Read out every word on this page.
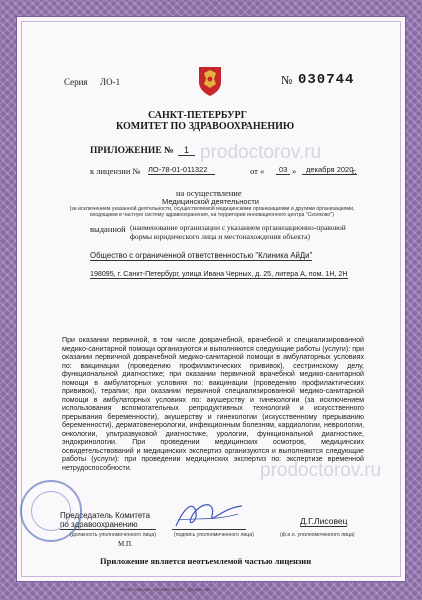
prodoctorov.ru
prodoctorov.ru
Серия ЛО-1	№ 030744
САНКТ-ПЕТЕРБУРГ
КОМИТЕТ ПО ЗДРАВООХРАНЕНИЮ
ПРИЛОЖЕНИЕ №	1
к лицензии № ЛО-78-01-011322	от «	03 »	декабря 2020
г.
на осуществление
Медицинской деятельности
(за исключением указанной деятельности, осуществляемой медицинскими организациями и другими организациями, входящими в частную систему здравоохранения, на территории инновационного центра "Сколково")
выданной (наименование организации с указанием организационно-правовой формы юридического лица и местонахождения объекта)
Общество с ограниченной ответственностью "Клиника АйДи"
198095, г. Санкт-Петербург, улица Ивана Черных, д. 25, литера А, пом. 1Н, 2Н
При оказании первичной, в том числе доврачебной, врачебной и специализированной медико-санитарной помощи организуются и выполняются следующие работы (услуги): при оказании первичной доврачебной медико-санитарной помощи в амбулаторных условиях по: вакцинации (проведению профилактических прививок), сестринскому делу, функциональной диагностике; при оказании первичной врачебной медико-санитарной помощи в амбулаторных условиях по: вакцинации (проведению профилактических прививок), терапии; при оказании первичной специализированной медико-санитарной помощи в амбулаторных условиях по: акушерству и гинекологии (за исключением использования вспомогательных репродуктивных технологий и искусственного прерывания беременности), акушерству и гинекологии (искусственному прерыванию беременности), дерматовенерологии, инфекционным болезням, кардиологии, неврологии, онкологии, ультразвуковой диагностике, урологии, функциональной диагностике, эндокринологии. При проведении медицинских осмотров, медицинских освидетельствований и медицинских экспертиз организуются и выполняются следующие работы (услуги): при проведении медицинских экспертиз по: экспертизе временной нетрудоспособности.
Председатель Комитета
по здравоохранению
(должность уполномоченного лица)	(подпись уполномоченного лица)
Д.Г.Лисовец
(ф.и.о. уполномоченного лица)
М.П.
Приложение является неотъемлемой частью лицензии
«ЗАО «Опцион» г. Москва, 2019 г., уровень «В»
